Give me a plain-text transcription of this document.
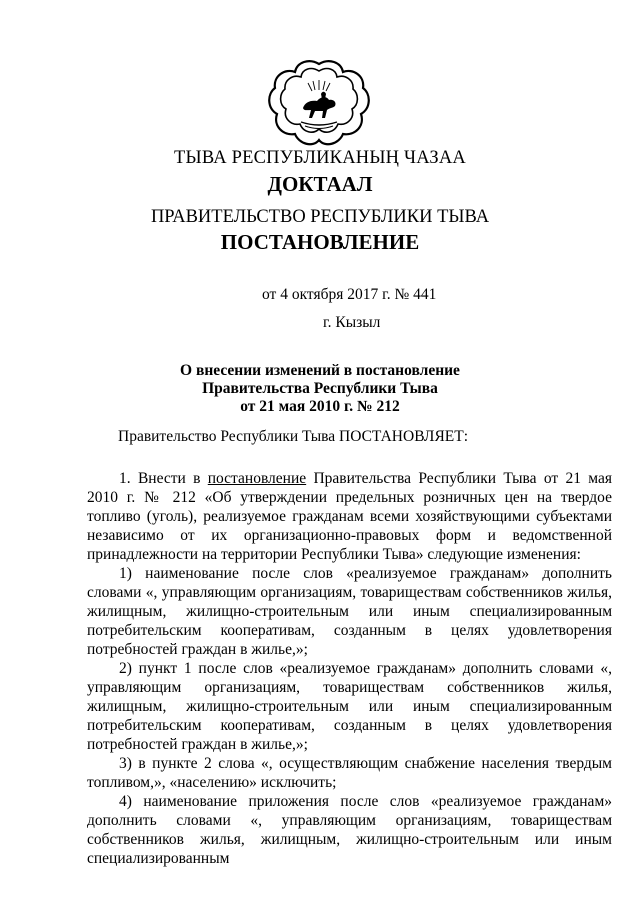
ТЫВА РЕСПУБЛИКАНЫҢ ЧАЗАА
ДОКТААЛ
ПРАВИТЕЛЬСТВО РЕСПУБЛИКИ ТЫВА
ПОСТАНОВЛЕНИЕ
от 4 октября 2017 г. № 441
г. Кызыл
О внесении изменений в постановление
Правительства Республики Тыва
от 21 мая 2010 г. № 212
Правительство Республики Тыва ПОСТАНОВЛЯЕТ:

1. Внести в постановление Правительства Республики Тыва от 21 мая 2010 г. № 212 «Об утверждении предельных розничных цен на твердое топливо (уголь), реализуемое гражданам всеми хозяйствующими субъектами независимо от их организационно-правовых форм и ведомственной принадлежности на территории Республики Тыва» следующие изменения:

1) наименование после слов «реализуемое гражданам» дополнить словами «, управляющим организациям, товариществам собственников жилья, жилищным, жилищно-строительным или иным специализированным потребительским кооперативам, созданным в целях удовлетворения потребностей граждан в жилье,»;

2) пункт 1 после слов «реализуемое гражданам» дополнить словами «, управляющим организациям, товариществам собственников жилья, жилищным, жилищно-строительным или иным специализированным потребительским кооперативам, созданным в целях удовлетворения потребностей граждан в жилье,»;

3) в пункте 2 слова «, осуществляющим снабжение населения твердым топливом,», «населению» исключить;

4) наименование приложения после слов «реализуемое гражданам» дополнить словами «, управляющим организациям, товариществам собственников жилья, жилищным, жилищно-строительным или иным специализированным
